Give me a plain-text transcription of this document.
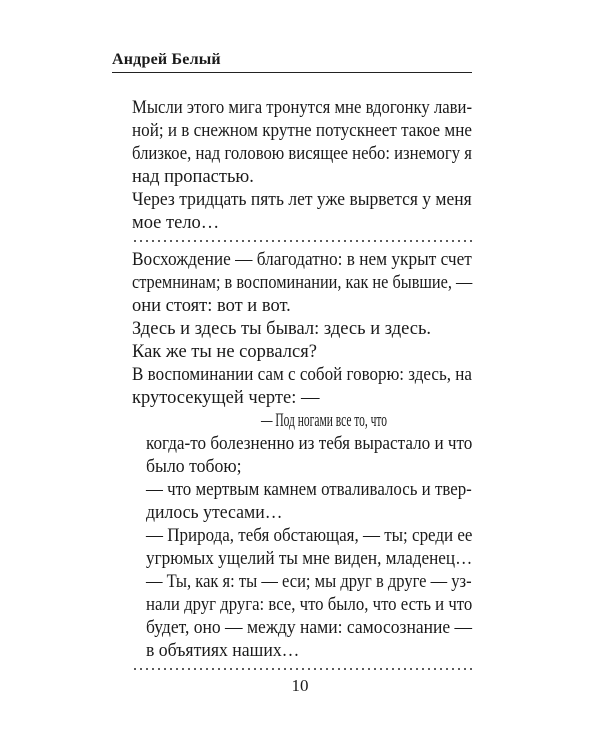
Андрей Белый

Мысли этого мига тронутся мне вдогонку лави-

ной; и в снежном крутне потускнеет такое мне

близкое, над головою висящее небо: изнемогу я

над пропастью.

Через тридцать пять лет уже вырвется у меня

мое тело…

Восхождение — благодатно: в нем укрыт счет

стремнинам; в воспоминании, как не бывшие, —

они стоят: вот и вот.

Здесь и здесь ты бывал: здесь и здесь.

Как же ты не сорвался?

В воспоминании сам с собой говорю: здесь, на

крутосекущей черте: —

— Под ногами все то, что

когда-то болезненно из тебя вырастало и что

было тобою;

— что мертвым камнем отваливалось и твер-

дилось утесами…

— Природа, тебя обстающая, — ты; среди ее

угрюмых ущелий ты мне виден, младенец…

— Ты, как я: ты — еси; мы друг в друге — уз-

нали друг друга: все, что было, что есть и что

будет, оно — между нами: самосознание —

в объятиях наших…

10
